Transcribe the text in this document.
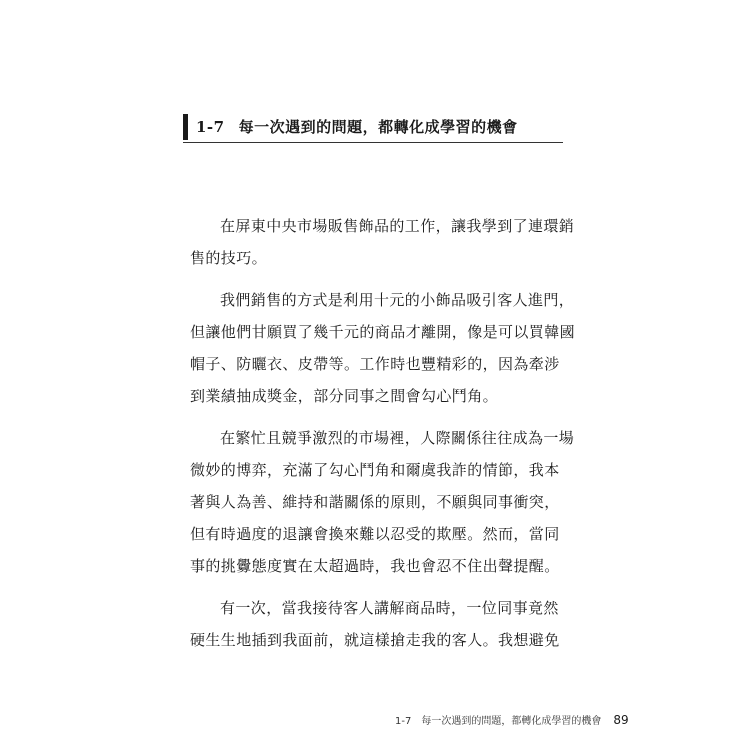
1-7 每一次遇到的問題，都轉化成學習的機會

在屏東中央市場販售飾品的工作，讓我學到了連環銷
售的技巧。

我們銷售的方式是利用十元的小飾品吸引客人進門，
但讓他們甘願買了幾千元的商品才離開，像是可以買韓國
帽子、防曬衣、皮帶等。工作時也豐精彩的，因為牽涉
到業績抽成獎金，部分同事之間會勾心鬥角。

在繁忙且競爭激烈的市場裡，人際關係往往成為一場
微妙的博弈，充滿了勾心鬥角和爾虞我詐的情節，我本
著與人為善、維持和諧關係的原則，不願與同事衝突，
但有時過度的退讓會換來難以忍受的欺壓。然而，當同
事的挑釁態度實在太超過時，我也會忍不住出聲提醒。

有一次，當我接待客人講解商品時，一位同事竟然
硬生生地插到我面前，就這樣搶走我的客人。我想避免

1-7　每一次遇到的問題，都轉化成學習的機會 89
